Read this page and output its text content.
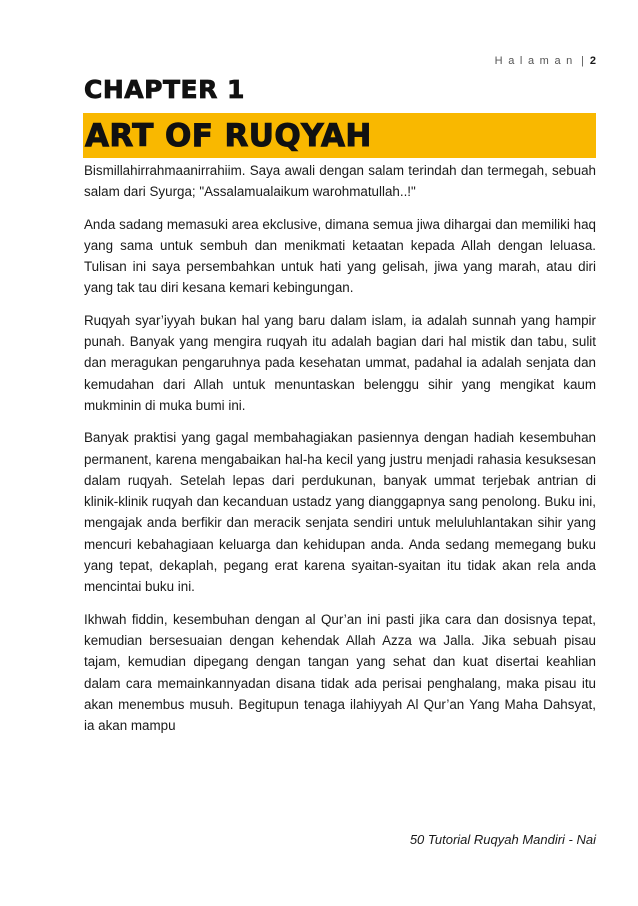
Halaman | 2
CHAPTER 1
ART OF RUQYAH

Bismillahirrahmaanirrahiim. Saya awali dengan salam terindah dan termegah, sebuah salam dari Syurga; "Assalamualaikum warohmatullah..!"

Anda sadang memasuki area ekclusive, dimana semua jiwa dihargai dan memiliki haq yang sama untuk sembuh dan menikmati ketaatan kepada Allah dengan leluasa. Tulisan ini saya persembahkan untuk hati yang gelisah, jiwa yang marah, atau diri yang tak tau diri kesana kemari kebingungan.

Ruqyah syar’iyyah bukan hal yang baru dalam islam, ia adalah sunnah yang hampir punah. Banyak yang mengira ruqyah itu adalah bagian dari hal mistik dan tabu, sulit dan meragukan pengaruhnya pada kesehatan ummat, padahal ia adalah senjata dan kemudahan dari Allah untuk menuntaskan belenggu sihir yang mengikat kaum mukminin di muka bumi ini.

Banyak praktisi yang gagal membahagiakan pasiennya dengan hadiah kesembuhan permanent, karena mengabaikan hal-ha kecil yang justru menjadi rahasia kesuksesan dalam ruqyah. Setelah lepas dari perdukunan, banyak ummat terjebak antrian di klinik-klinik ruqyah dan kecanduan ustadz yang dianggapnya sang penolong. Buku ini, mengajak anda berfikir dan meracik senjata sendiri untuk meluluhlantakan sihir yang mencuri kebahagiaan keluarga dan kehidupan anda. Anda sedang memegang buku yang tepat, dekaplah, pegang erat karena syaitan-syaitan itu tidak akan rela anda mencintai buku ini.

Ikhwah fiddin, kesembuhan dengan al Qur’an ini pasti jika cara dan dosisnya tepat, kemudian bersesuaian dengan kehendak Allah Azza wa Jalla. Jika sebuah pisau tajam, kemudian dipegang dengan tangan yang sehat dan kuat disertai keahlian dalam cara memainkannyadan disana tidak ada perisai penghalang, maka pisau itu akan menembus musuh. Begitupun tenaga ilahiyyah Al Qur’an Yang Maha Dahsyat, ia akan mampu

50 Tutorial Ruqyah Mandiri - Nai
